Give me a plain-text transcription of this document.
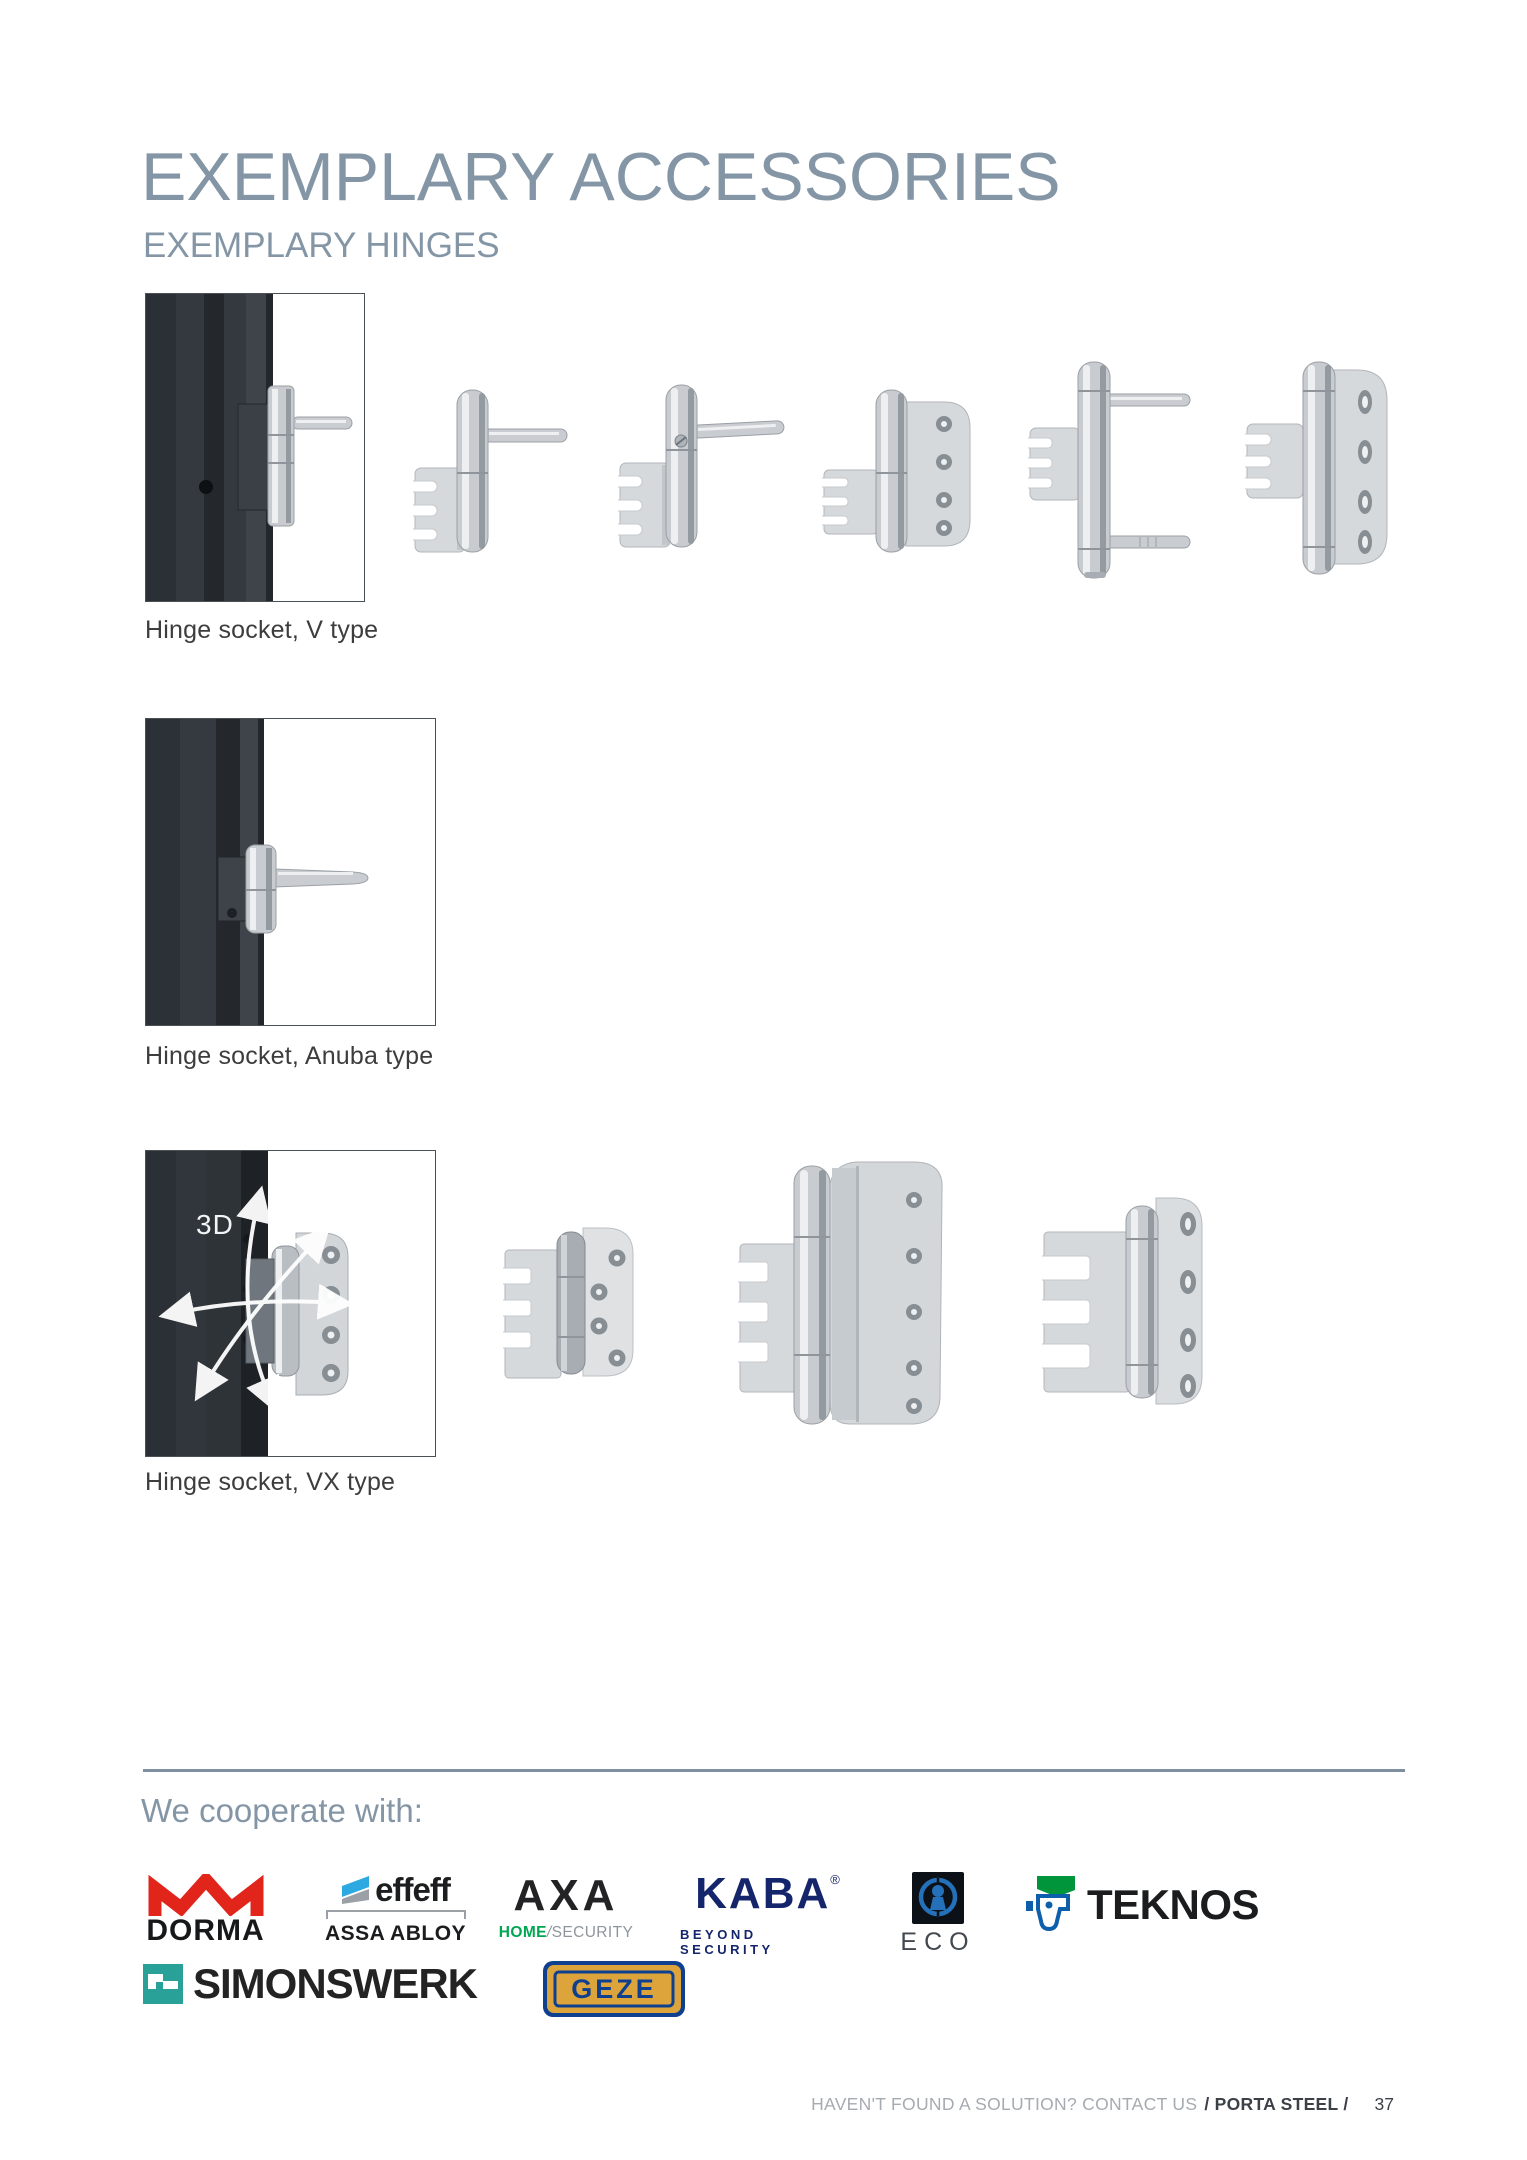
EXEMPLARY ACCESSORIES
EXEMPLARY HINGES
Hinge socket, V type
Hinge socket, Anuba type
3D
Hinge socket, VX type
We cooperate with:
DORMA
effeff
ASSA ABLOY
AXA
HOME/SECURITY
KABA®
BEYOND SECURITY	ECO
TEKNOS
SIMONSWERK	GEZE
HAVEN'T FOUND A SOLUTION? CONTACT US / PORTA STEEL / 37
